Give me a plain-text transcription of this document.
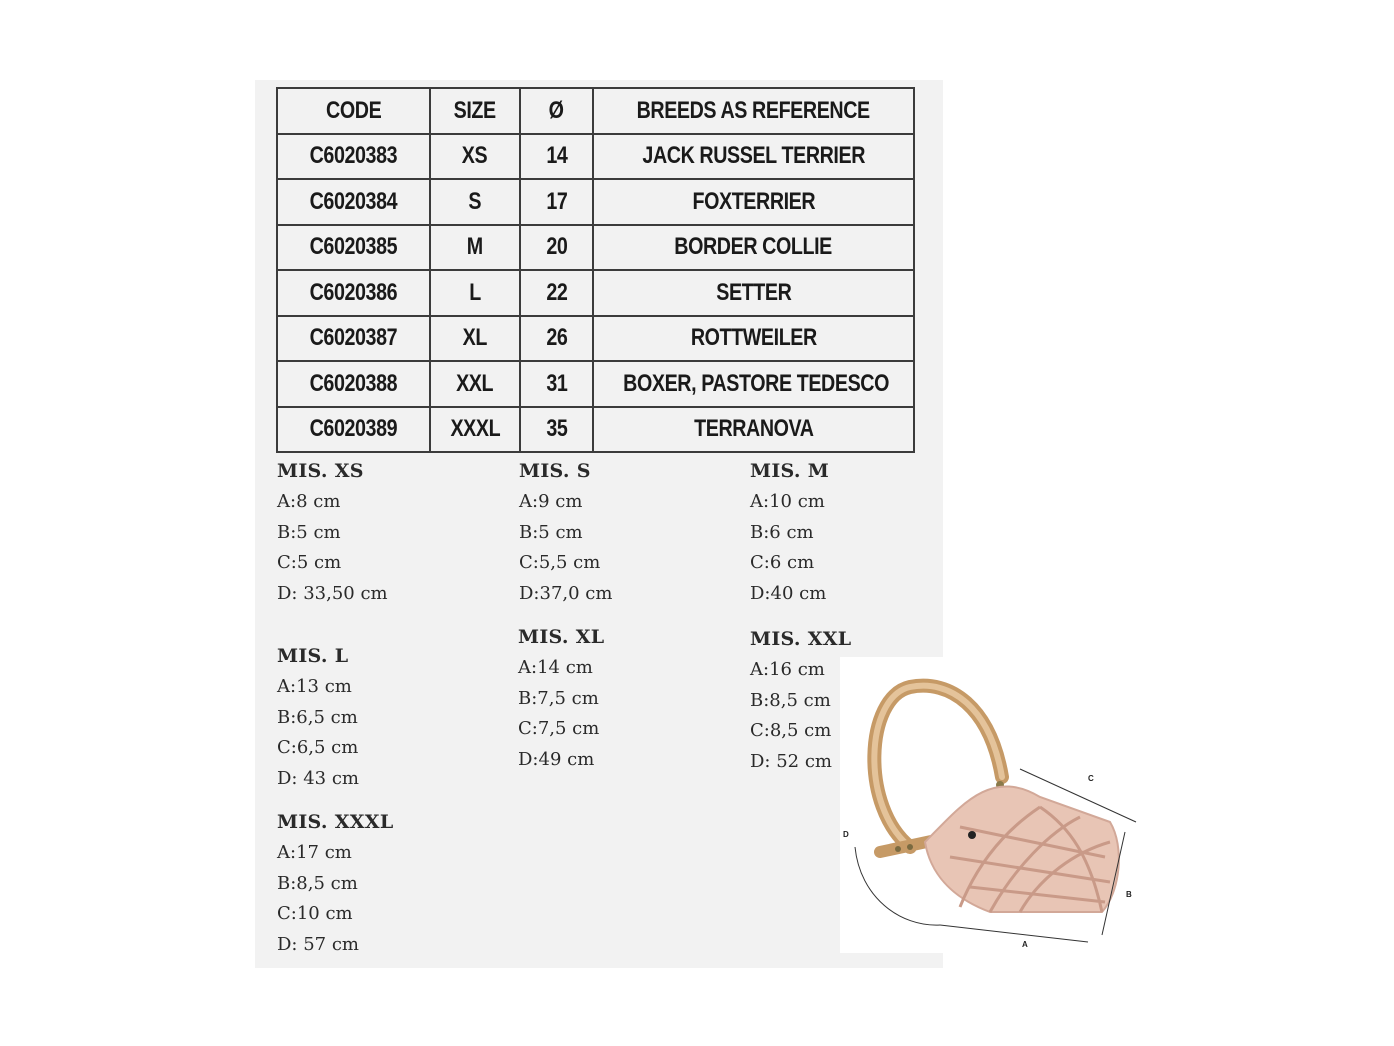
CODE	SIZE	Ø	BREEDS AS REFERENCE
C6020383	XS	14	JACK RUSSEL TERRIER
C6020384	S	17	FOXTERRIER
C6020385	M	20	BORDER COLLIE
C6020386	L	22	SETTER
C6020387	XL	26	ROTTWEILER
C6020388	XXL	31	BOXER, PASTORE TEDESCO
C6020389	XXXL	35	TERRANOVA
MIS. XS
A:8 cm
B:5 cm
C:5 cm
D: 33,50 cm
MIS. S
A:9 cm
B:5 cm
C:5,5 cm
D:37,0 cm
MIS. M
A:10 cm
B:6 cm
C:6 cm
D:40 cm
MIS. L
A:13 cm
B:6,5 cm
C:6,5 cm
D: 43 cm
MIS. XL
A:14 cm
B:7,5 cm
C:7,5 cm
D:49 cm
MIS. XXL
A:16 cm
B:8,5 cm
C:8,5 cm
D: 52 cm
MIS. XXXL
A:17 cm
B:8,5 cm
C:10 cm
D: 57 cm	A
B
C
D
